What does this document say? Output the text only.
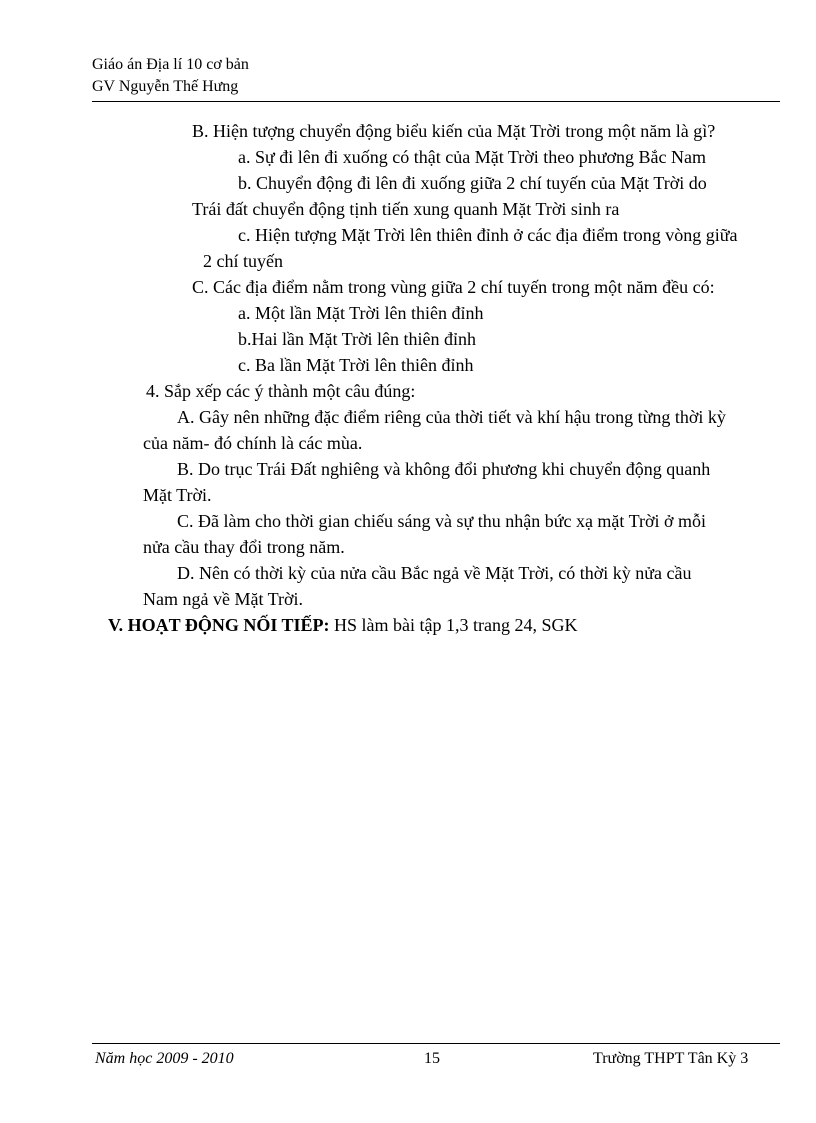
Giáo án Địa lí 10 cơ bản
GV Nguyễn Thế Hưng
B. Hiện tượng chuyển động biểu kiến của Mặt Trời trong một năm là gì?
a. Sự đi lên đi xuống có thật của Mặt Trời theo phương Bắc Nam
b. Chuyển động đi lên đi xuống giữa 2 chí tuyến của Mặt Trời do
Trái đất chuyển động tịnh tiến xung quanh Mặt Trời sinh ra
c. Hiện tượng Mặt Trời lên thiên đỉnh ở các địa điểm trong vòng giữa
2 chí tuyến
C. Các địa điểm nằm trong vùng giữa 2 chí tuyến trong một năm đều có:
a. Một lần Mặt Trời lên thiên đỉnh
b.Hai lần Mặt Trời lên thiên đỉnh
c. Ba lần Mặt Trời lên thiên đỉnh
4. Sắp xếp các ý thành một câu đúng:
A. Gây nên những đặc điểm riêng của thời tiết và khí hậu trong từng thời kỳ
của năm- đó chính là các mùa.
B. Do trục Trái Đất nghiêng và không đổi phương khi chuyển động quanh
Mặt Trời.
C. Đã làm cho thời gian chiếu sáng và sự thu nhận bức xạ mặt Trời ở mỗi
nửa cầu thay đổi trong năm.
D. Nên có thời kỳ của nửa cầu Bắc ngả về Mặt Trời, có thời kỳ nửa cầu
Nam ngả về Mặt Trời.
V. HOẠT ĐỘNG NỐI TIẾP: HS làm bài tập 1,3 trang 24, SGK
Năm học 2009 - 2010	15	Trường THPT Tân Kỳ 3
